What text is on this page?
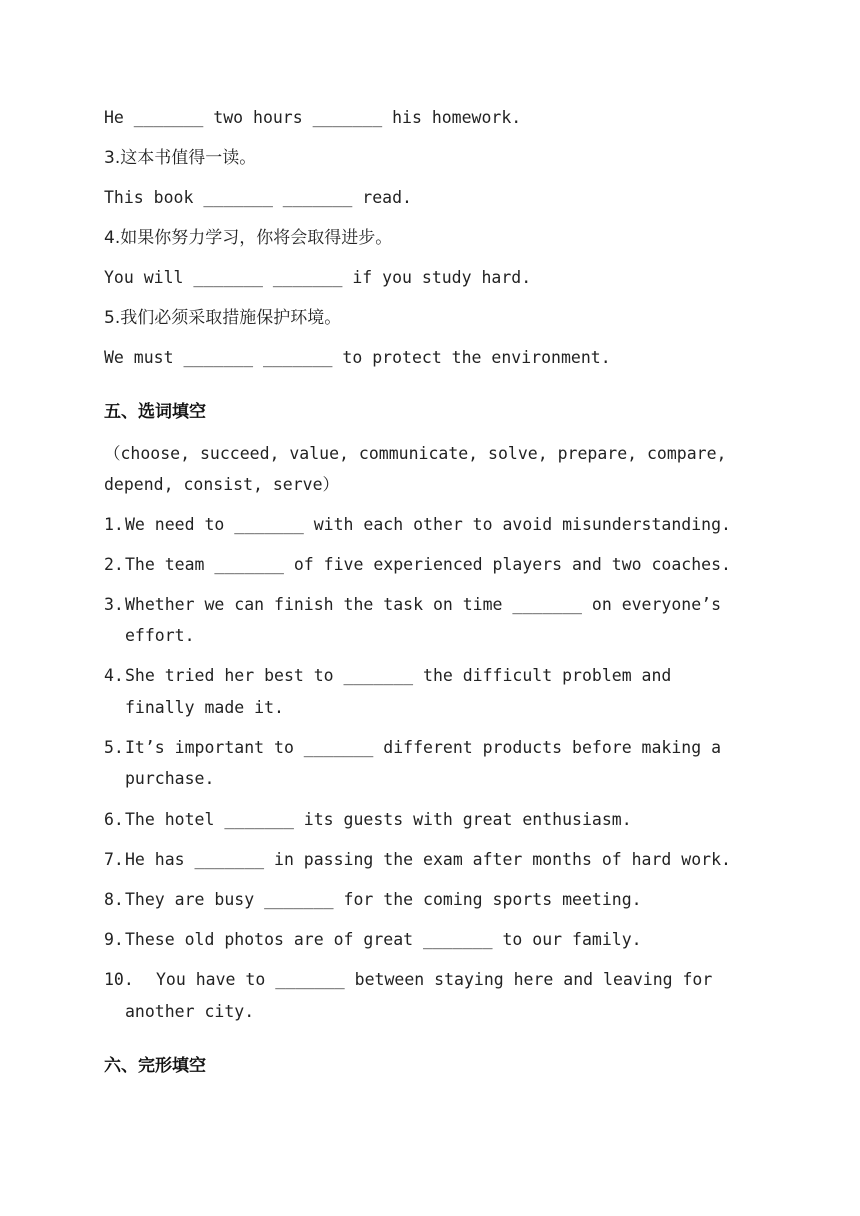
He _______ two hours _______ his homework.
3.这本书值得一读。
This book _______ _______ read.
4.如果你努力学习，你将会取得进步。
You will _______ _______ if you study hard.
5.我们必须采取措施保护环境。
We must _______ _______ to protect the environment.
五、选词填空
（choose, succeed, value, communicate, solve, prepare, compare,
depend, consist, serve）
1.We need to _______ with each other to avoid misunderstanding.
2.The team _______ of five experienced players and two coaches.
3.Whether we can finish the task on time _______ on everyone’s
effort.
4.She tried her best to _______ the difficult problem and
finally made it.
5.It’s important to _______ different products before making a
purchase.
6.The hotel _______ its guests with great enthusiasm.
7.He has _______ in passing the exam after months of hard work.
8.They are busy _______ for the coming sports meeting.
9.These old photos are of great _______ to our family.
10. You have to _______ between staying here and leaving for
another city.
六、完形填空
